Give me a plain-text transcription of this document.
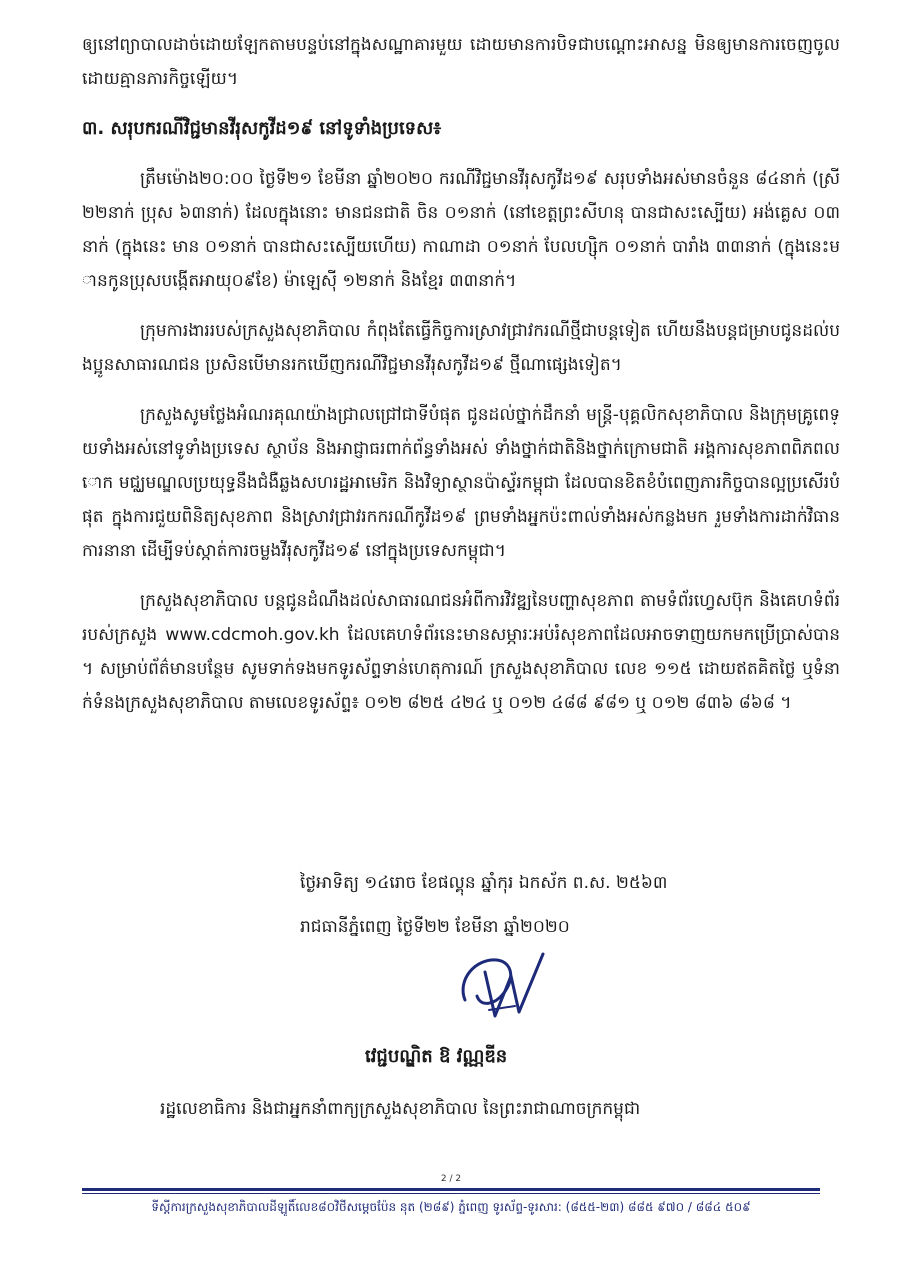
ឲ្យនៅព្យាបាលដាច់ដោយឡែកតាមបន្ទប់នៅក្នុងសណ្ឋាគារមួយ ដោយមានការបិទជាបណ្ដោះអាសន្ន មិនឲ្យមានការចេញចូលដោយគ្មានភារកិច្ចឡើយ។

៣. សរុបករណីវិជ្ជមានវីរុសកូវីដ១៩ នៅទូទាំងប្រទេស៖

ត្រឹមម៉ោង២០:០០ ថ្ងៃទី២១ ខែមីនា ឆ្នាំ២០២០ ករណីវិជ្ជមានវីរុសកូវីដ១៩ សរុបទាំងអស់មានចំនួន ៨៤នាក់ (ស្រី ២២នាក់ ប្រុស ៦៣នាក់) ដែលក្នុងនោះ មានជនជាតិ ចិន ០១នាក់ (នៅខេត្តព្រះសីហនុ បានជាសះស្បើយ) អង់គ្លេស ០៣នាក់ (ក្នុងនេះ មាន ០១នាក់ បានជាសះស្បើយហើយ) កាណាដា ០១នាក់ បែលហ្ស៊ិក ០១នាក់ បារាំង ៣៣នាក់ (ក្នុងនេះមានកូនប្រុសបង្កើតអាយុ០៩ខែ) ម៉ាឡេស៊ី ១២នាក់ និងខ្មែរ ៣៣នាក់។

ក្រុមការងាររបស់ក្រសួងសុខាភិបាល កំពុងតែធ្វើកិច្ចការស្រាវជ្រាវករណីថ្មីជាបន្តទៀត ហើយនឹងបន្តជម្រាបជូនដល់បងប្អូនសាធារណជន ប្រសិនបើមានរកឃើញករណីវិជ្ជមានវីរុសកូវីដ១៩ ថ្មីណាផ្សេងទៀត។

ក្រសួងសូមថ្លែងអំណរគុណយ៉ាងជ្រាលជ្រៅជាទីបំផុត ជូនដល់ថ្នាក់ដឹកនាំ មន្ត្រី-បុគ្គលិកសុខាភិបាល និងក្រុមគ្រូពេទ្យទាំងអស់នៅទូទាំងប្រទេស ស្ថាប័ន និងអាជ្ញាធរពាក់ព័ន្ធទាំងអស់ ទាំងថ្នាក់ជាតិនិងថ្នាក់ក្រោមជាតិ អង្គការសុខភាពពិភពលោក មជ្ឈមណ្ឌលប្រយុទ្ធនឹងជំងឺឆ្លងសហរដ្ឋអាមេរិក និងវិទ្យាស្ថានប៉ាស្ទ័រកម្ពុជា ដែលបានខិតខំបំពេញភារកិច្ចបានល្អប្រសើរបំផុត ក្នុងការជួយពិនិត្យសុខភាព និងស្រាវជ្រាវរកករណីកូវីដ១៩ ព្រមទាំងអ្នកប៉ះពាល់ទាំងអស់កន្លងមក រួមទាំងការដាក់វិធានការនានា ដើម្បីទប់ស្កាត់ការចម្លងវីរុសកូវីដ១៩ នៅក្នុងប្រទេសកម្ពុជា។

ក្រសួងសុខាភិបាល បន្តជូនដំណឹងដល់សាធារណជនអំពីការវិវឌ្ឍនៃបញ្ហាសុខភាព តាមទំព័រហ្វេសប៊ុក និងគេហទំព័ររបស់ក្រសួង www.cdcmoh.gov.kh ដែលគេហទំព័រនេះមានសម្ភារៈអប់រំសុខភាពដែលអាចទាញយកមកប្រើប្រាស់បាន។ សម្រាប់ព័ត៌មានបន្ថែម សូមទាក់ទងមកទូរស័ព្ទទាន់ហេតុការណ៍ ក្រសួងសុខាភិបាល លេខ ១១៥ ដោយឥតគិតថ្លៃ ឬទំនាក់ទំនងក្រសួងសុខាភិបាល តាមលេខទូរស័ព្ទ៖ ០១២ ៨២៥ ៤២៤ ឬ ០១២ ៤៨៨ ៩៨១ ឬ ០១២ ៨៣៦ ៨៦៨ ។

ថ្ងៃអាទិត្យ ១៤រោច ខែផល្គុន ឆ្នាំកុរ ឯកស័ក ព.ស. ២៥៦៣
រាជធានីភ្នំពេញ ថ្ងៃទី២២ ខែមីនា ឆ្នាំ២០២០
វេជ្ជបណ្ឌិត ឱ វណ្ណឌីន
រដ្ឋលេខាធិការ និងជាអ្នកនាំពាក្យក្រសួងសុខាភិបាល នៃព្រះរាជាណាចក្រកម្ពុជា
2 / 2
ទីស្ដីការក្រសួងសុខាភិបាលដីឡូតិ៍លេខ៨០វិថីសម្ដេចប៉ែន នុត (២៨៩) ភ្នំពេញ ទូរស័ព្ទ-ទូរសារ: (៨៥៥-២៣) ៨៨៥ ៩៧០ / ៨៨៤ ៥០៩
